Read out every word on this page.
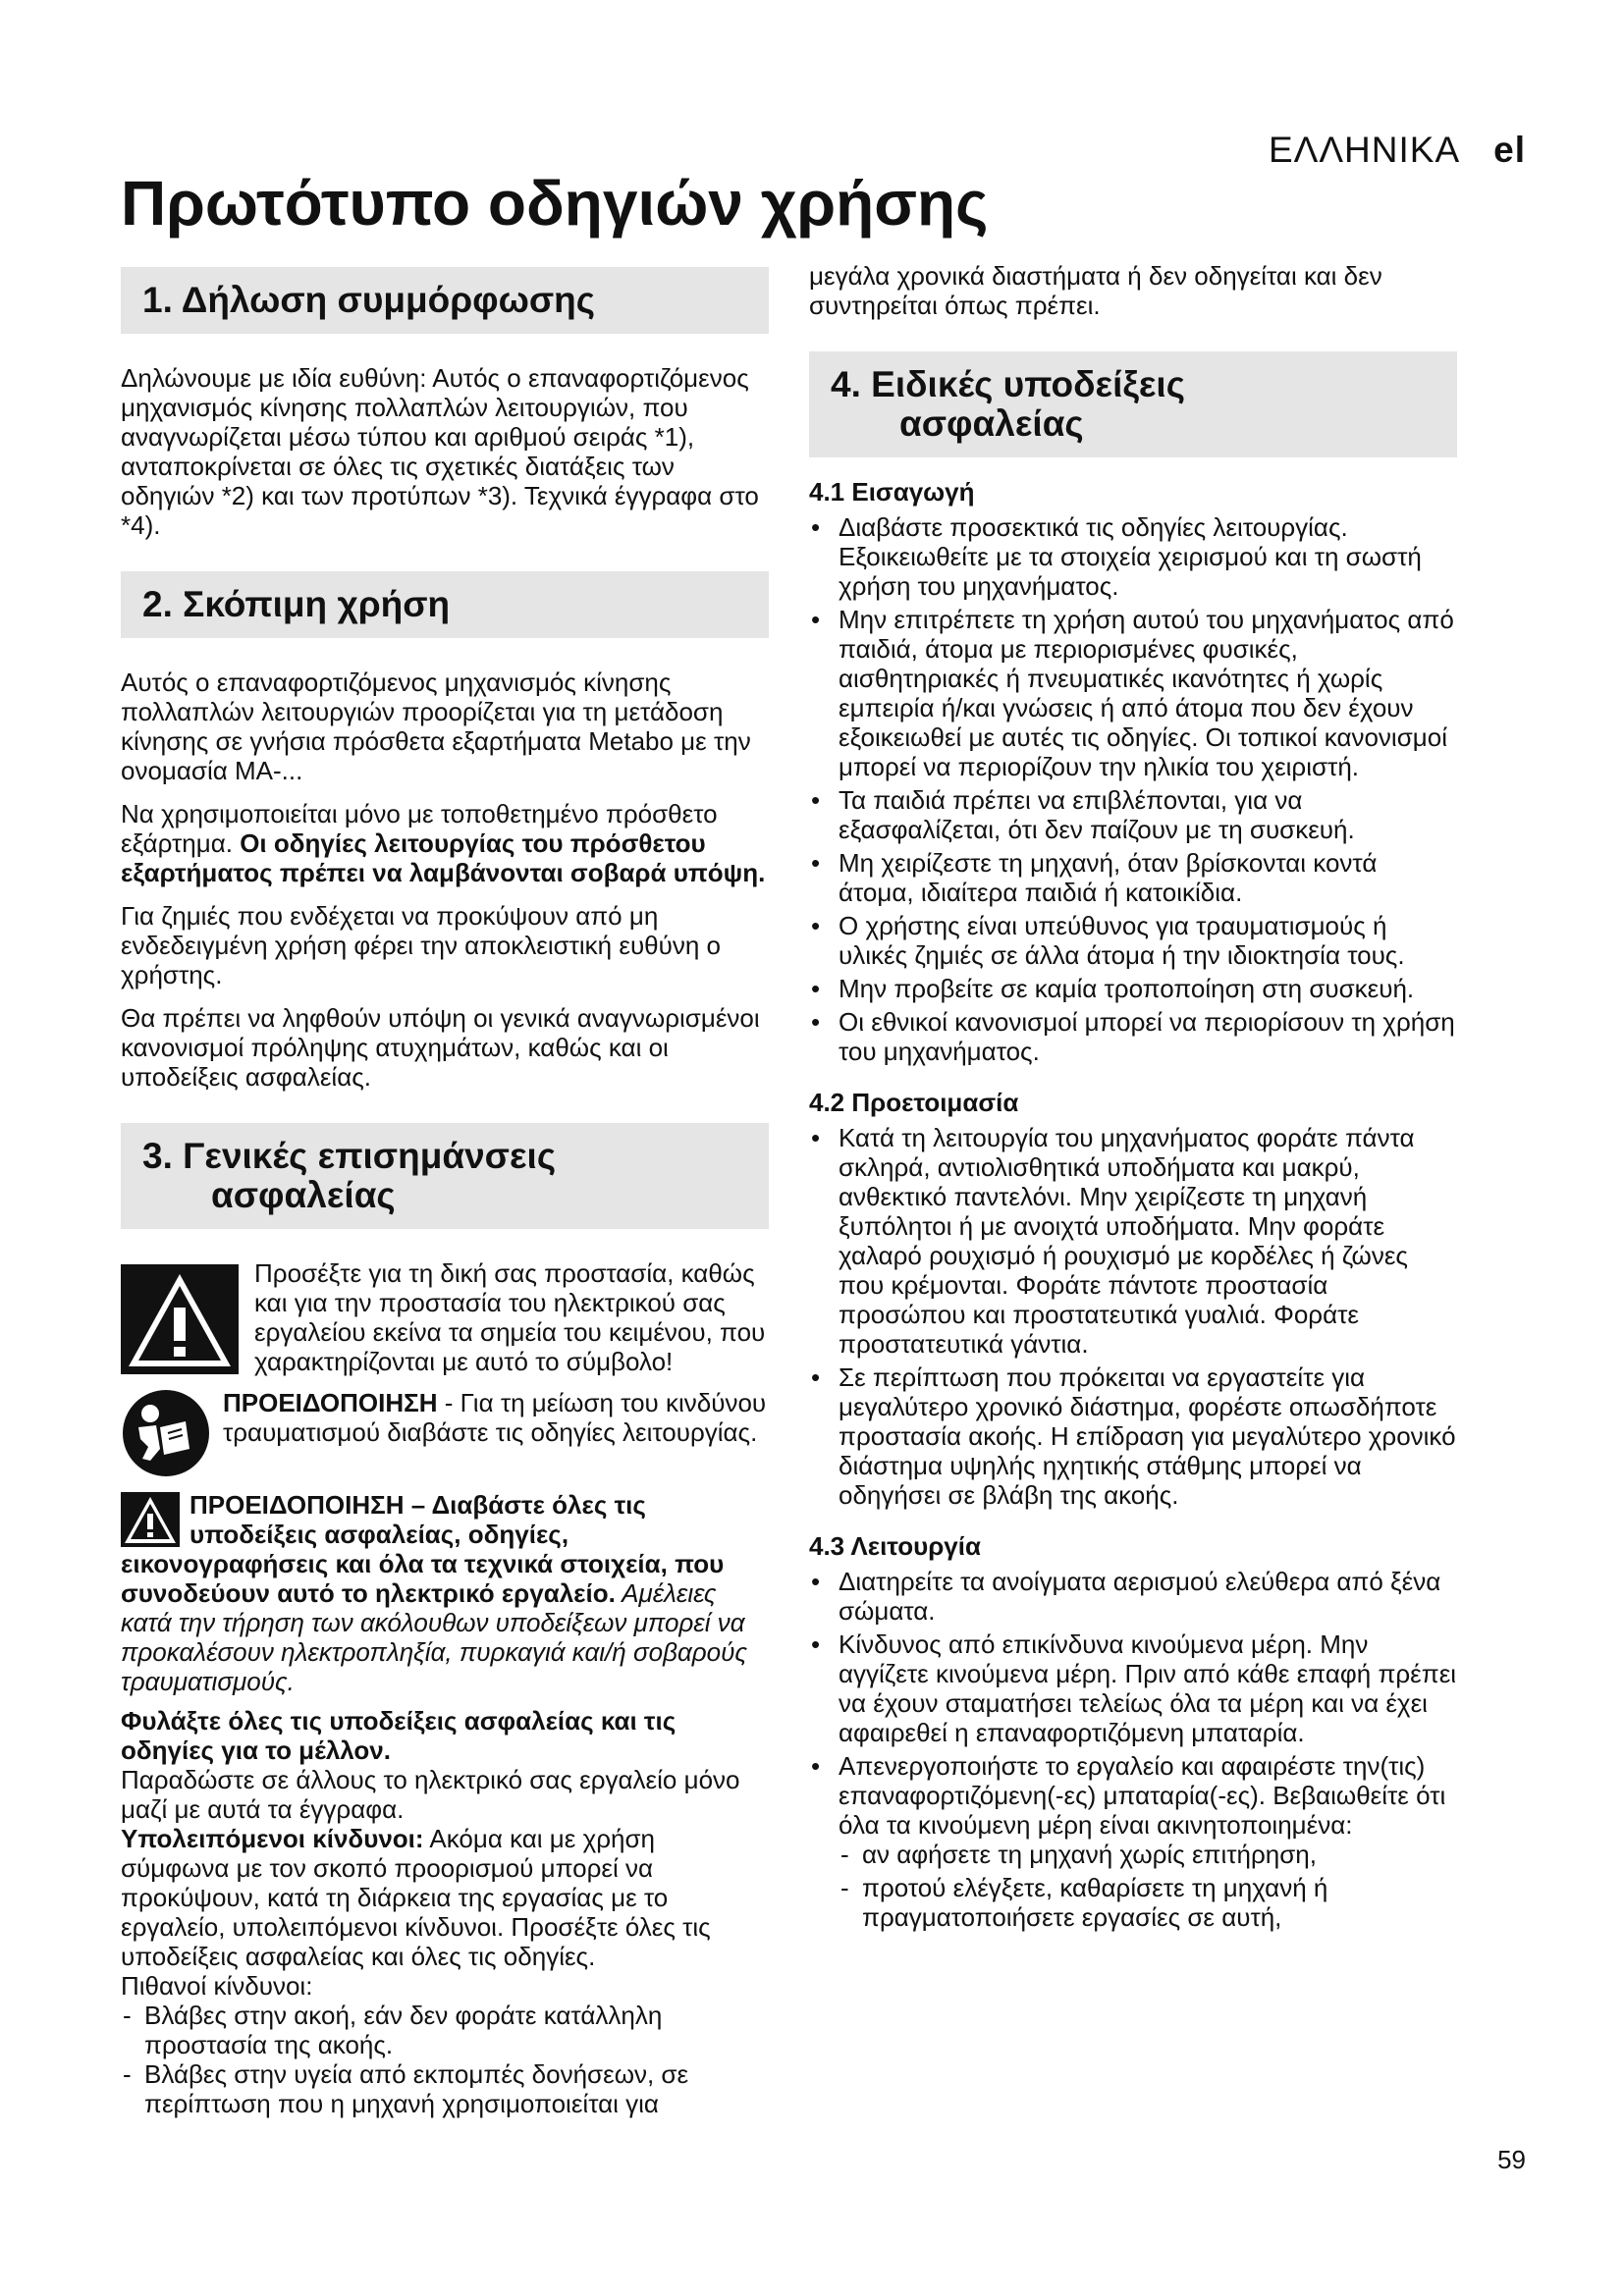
ΕΛΛΗΝΙΚΑ el
Πρωτότυπο οδηγιών χρήσης
1. Δήλωση συμμόρφωσης

Δηλώνουμε με ιδία ευθύνη: Αυτός ο επαναφορτιζόμενος μηχανισμός κίνησης πολλαπλών λειτουργιών, που αναγνωρίζεται μέσω τύπου και αριθμού σειράς *1), ανταποκρίνεται σε όλες τις σχετικές διατάξεις των οδηγιών *2) και των προτύπων *3). Τεχνικά έγγραφα στο *4).

2. Σκόπιμη χρήση

Αυτός ο επαναφορτιζόμενος μηχανισμός κίνησης πολλαπλών λειτουργιών προορίζεται για τη μετάδοση κίνησης σε γνήσια πρόσθετα εξαρτήματα Metabo με την ονομασία MA-...

Να χρησιμοποιείται μόνο με τοποθετημένο πρόσθετο εξάρτημα. Οι οδηγίες λειτουργίας του πρόσθετου εξαρτήματος πρέπει να λαμβάνονται σοβαρά υπόψη.

Για ζημιές που ενδέχεται να προκύψουν από μη ενδεδειγμένη χρήση φέρει την αποκλειστική ευθύνη ο χρήστης.

Θα πρέπει να ληφθούν υπόψη οι γενικά αναγνωρισμένοι κανονισμοί πρόληψης ατυχημάτων, καθώς και οι υποδείξεις ασφαλείας.

3. Γενικές επισημάνσεις
ασφαλείας
Προσέξτε για τη δική σας προστασία, καθώς και για την προστασία του ηλεκτρικού σας εργαλείου εκείνα τα σημεία του κειμένου, που χαρακτηρίζονται με αυτό το σύμβολο!
ΠΡΟΕΙΔΟΠΟΙΗΣΗ - Για τη μείωση του κινδύνου τραυματισμού διαβάστε τις οδηγίες λειτουργίας.
ΠΡΟΕΙΔΟΠΟΙΗΣΗ – Διαβάστε όλες τις υποδείξεις ασφαλείας, οδηγίες, εικονογραφήσεις και όλα τα τεχνικά στοιχεία, που συνοδεύουν αυτό το ηλεκτρικό εργαλείο. Αμέλειες κατά την τήρηση των ακόλουθων υποδείξεων μπορεί να προκαλέσουν ηλεκτροπληξία, πυρκαγιά και/ή σοβαρούς τραυματισμούς.

Φυλάξτε όλες τις υποδείξεις ασφαλείας και τις οδηγίες για το μέλλον.
Παραδώστε σε άλλους το ηλεκτρικό σας εργαλείο μόνο μαζί με αυτά τα έγγραφα.

Υπολειπόμενοι κίνδυνοι: Ακόμα και με χρήση σύμφωνα με τον σκοπό προορισμού μπορεί να προκύψουν, κατά τη διάρκεια της εργασίας με το εργαλείο, υπολειπόμενοι κίνδυνοι. Προσέξτε όλες τις υποδείξεις ασφαλείας και όλες τις οδηγίες.

Πιθανοί κίνδυνοι:

- Βλάβες στην ακοή, εάν δεν φοράτε κατάλληλη προστασία της ακοής.
- Βλάβες στην υγεία από εκπομπές δονήσεων, σε περίπτωση που η μηχανή χρησιμοποιείται για

μεγάλα χρονικά διαστήματα ή δεν οδηγείται και δεν συντηρείται όπως πρέπει.

4. Ειδικές υποδείξεις
ασφαλείας
4.1 Εισαγωγή
• Διαβάστε προσεκτικά τις οδηγίες λειτουργίας. Εξοικειωθείτε με τα στοιχεία χειρισμού και τη σωστή χρήση του μηχανήματος.
• Μην επιτρέπετε τη χρήση αυτού του μηχανήματος από παιδιά, άτομα με περιορισμένες φυσικές, αισθητηριακές ή πνευματικές ικανότητες ή χωρίς εμπειρία ή/και γνώσεις ή από άτομα που δεν έχουν εξοικειωθεί με αυτές τις οδηγίες. Οι τοπικοί κανονισμοί μπορεί να περιορίζουν την ηλικία του χειριστή.
• Τα παιδιά πρέπει να επιβλέπονται, για να εξασφαλίζεται, ότι δεν παίζουν με τη συσκευή.
• Μη χειρίζεστε τη μηχανή, όταν βρίσκονται κοντά άτομα, ιδιαίτερα παιδιά ή κατοικίδια.
• Ο χρήστης είναι υπεύθυνος για τραυματισμούς ή υλικές ζημιές σε άλλα άτομα ή την ιδιοκτησία τους.
• Μην προβείτε σε καμία τροποποίηση στη συσκευή.
• Οι εθνικοί κανονισμοί μπορεί να περιορίσουν τη χρήση του μηχανήματος.
4.2 Προετοιμασία
• Κατά τη λειτουργία του μηχανήματος φοράτε πάντα σκληρά, αντιολισθητικά υποδήματα και μακρύ, ανθεκτικό παντελόνι. Μην χειρίζεστε τη μηχανή ξυπόλητοι ή με ανοιχτά υποδήματα. Μην φοράτε χαλαρό ρουχισμό ή ρουχισμό με κορδέλες ή ζώνες που κρέμονται. Φοράτε πάντοτε προστασία προσώπου και προστατευτικά γυαλιά. Φοράτε προστατευτικά γάντια.
• Σε περίπτωση που πρόκειται να εργαστείτε για μεγαλύτερο χρονικό διάστημα, φορέστε οπωσδήποτε προστασία ακοής. Η επίδραση για μεγαλύτερο χρονικό διάστημα υψηλής ηχητικής στάθμης μπορεί να οδηγήσει σε βλάβη της ακοής.
4.3 Λειτουργία
• Διατηρείτε τα ανοίγματα αερισμού ελεύθερα από ξένα σώματα.
• Κίνδυνος από επικίνδυνα κινούμενα μέρη. Μην αγγίζετε κινούμενα μέρη. Πριν από κάθε επαφή πρέπει να έχουν σταματήσει τελείως όλα τα μέρη και να έχει αφαιρεθεί η επαναφορτιζόμενη μπαταρία.
• Απενεργοποιήστε το εργαλείο και αφαιρέστε την(τις) επαναφορτιζόμενη(-ες) μπαταρία(-ες). Βεβαιωθείτε ότι όλα τα κινούμενη μέρη είναι ακινητοποιημένα:
- αν αφήσετε τη μηχανή χωρίς επιτήρηση,
- προτού ελέγξετε, καθαρίσετε τη μηχανή ή πραγματοποιήσετε εργασίες σε αυτή,
59
